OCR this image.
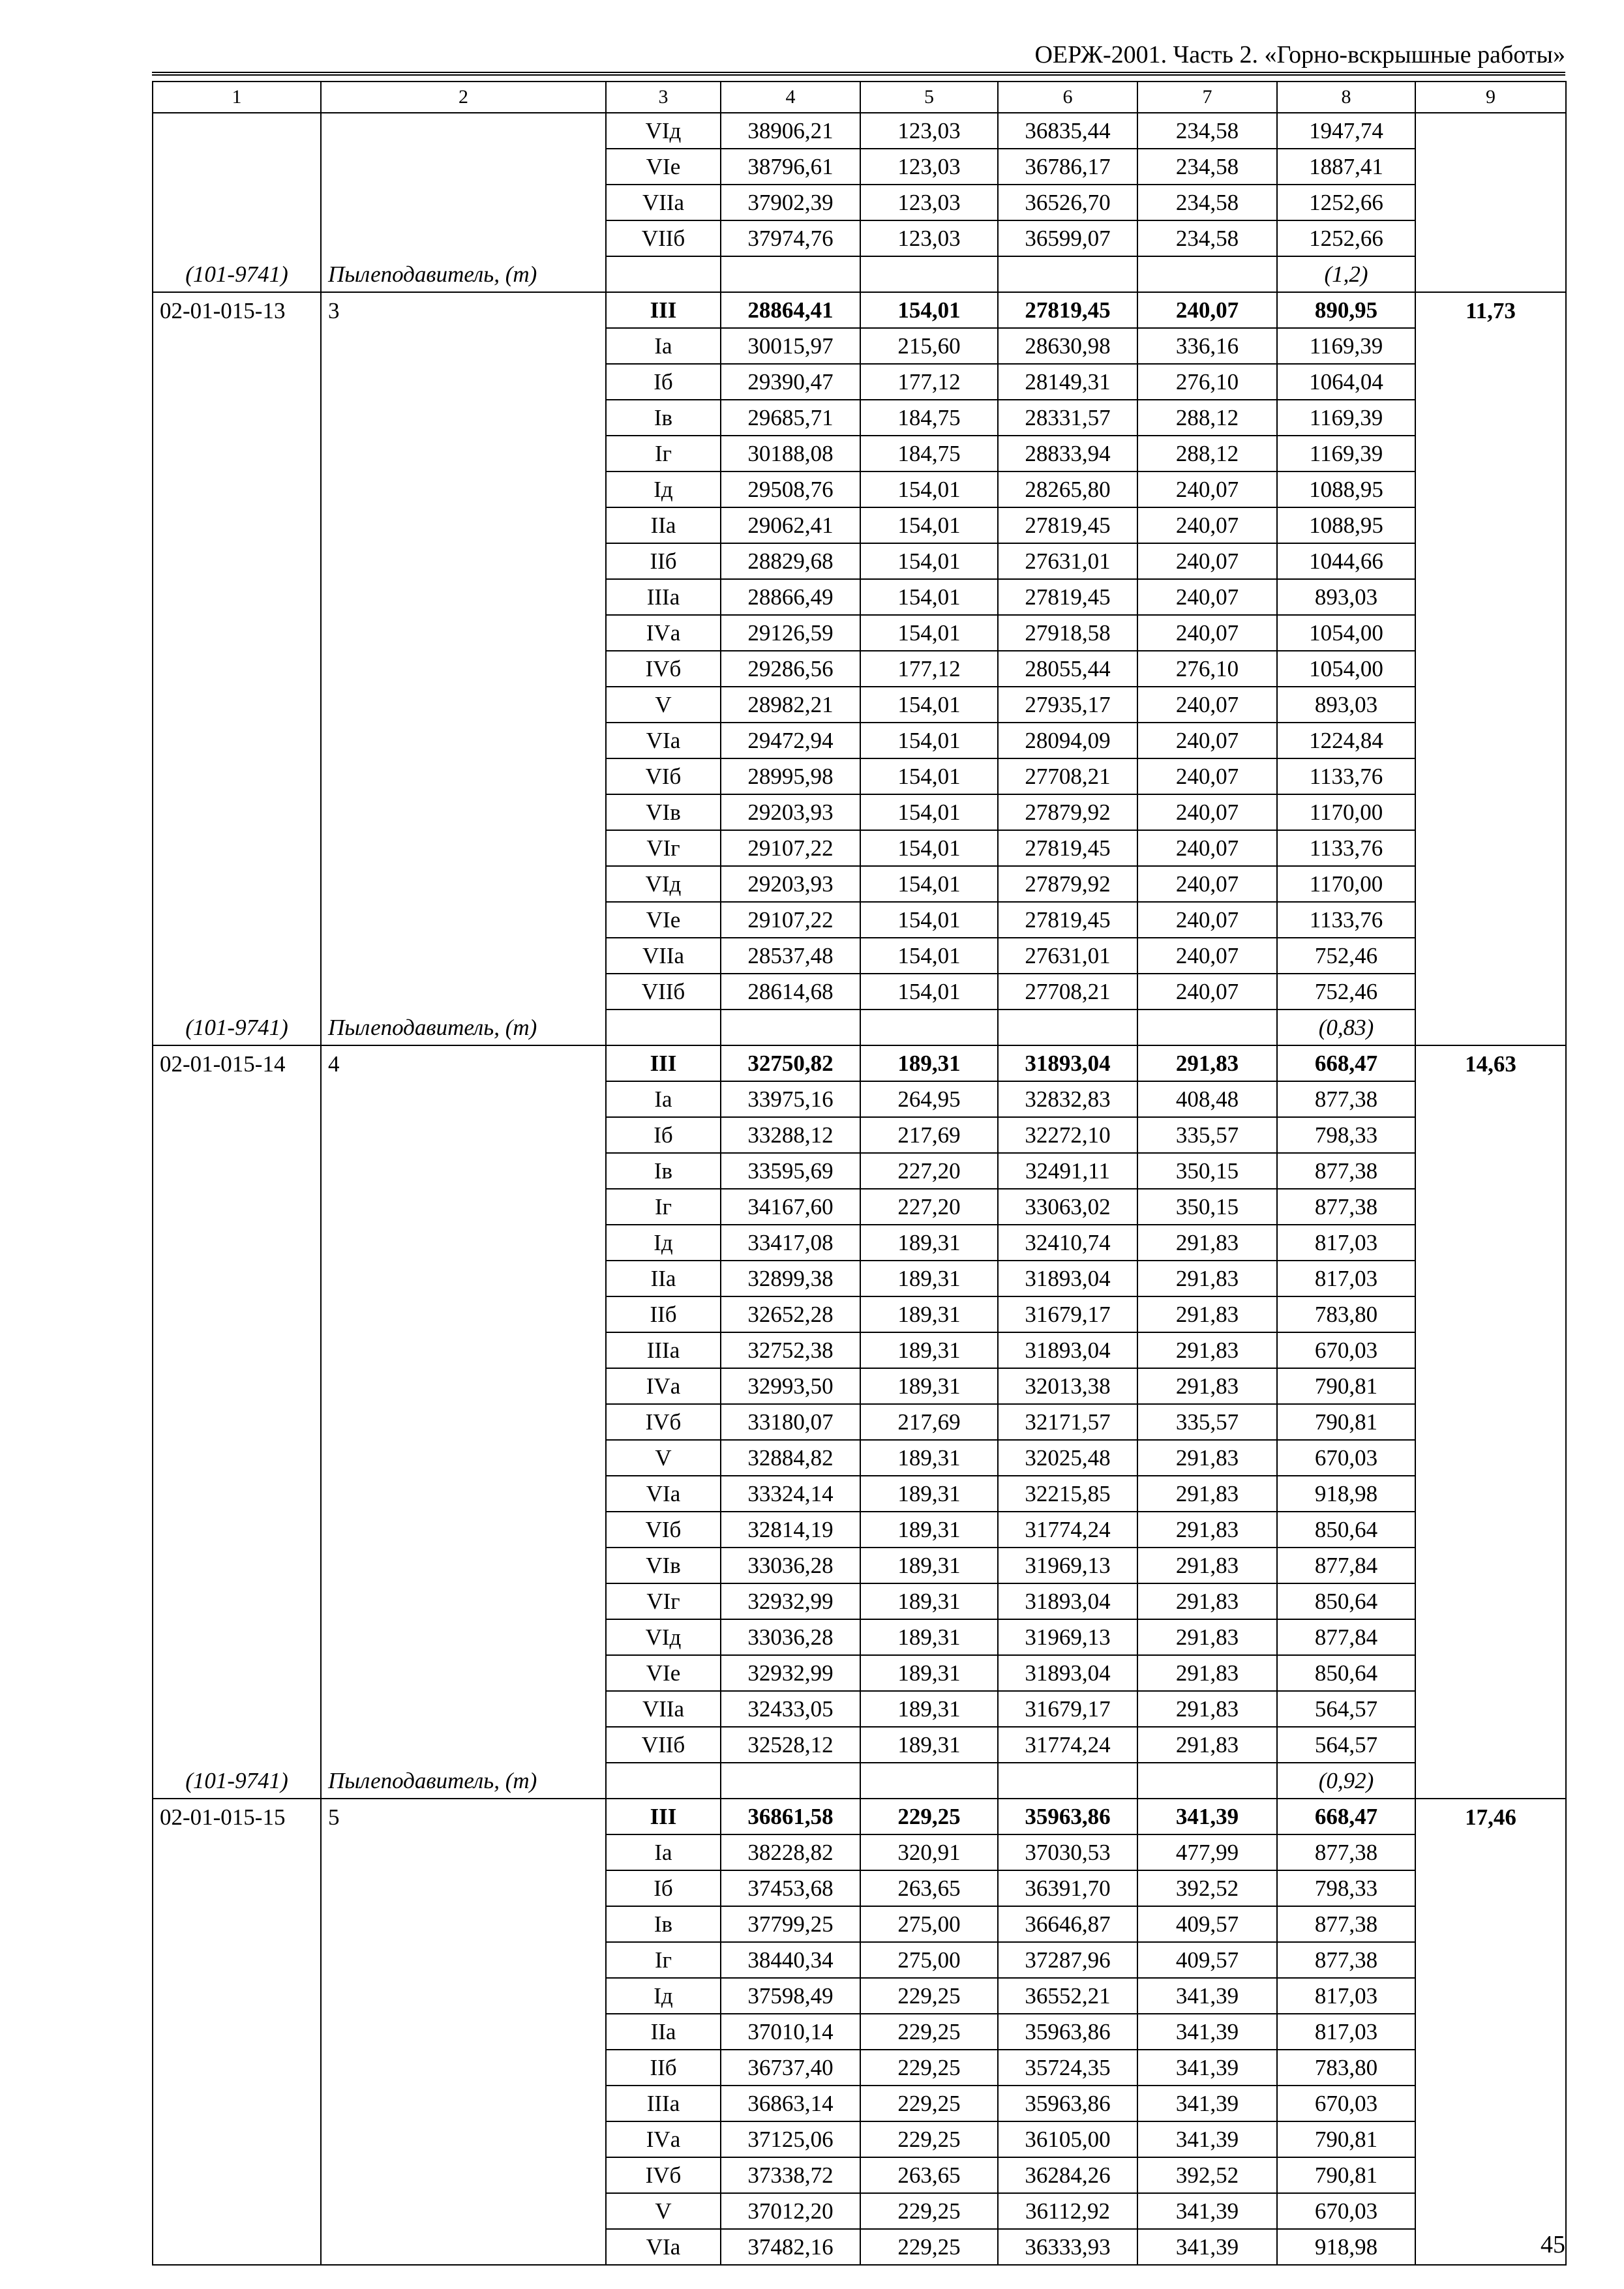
ОЕРЖ-2001. Часть 2. «Горно-вскрышные работы»
1	2	3	4	5	6	7	8	9
		VIд	38906,21	123,03	36835,44	234,58	1947,74	
		VIе	38796,61	123,03	36786,17	234,58	1887,41	
		VIIа	37902,39	123,03	36526,70	234,58	1252,66	
		VIIб	37974,76	123,03	36599,07	234,58	1252,66	
(101-9741)	Пылеподавитель, (т)						(1,2)	
02-01-015-13	3	III	28864,41	154,01	27819,45	240,07	890,95	11,73
		Iа	30015,97	215,60	28630,98	336,16	1169,39	
		Iб	29390,47	177,12	28149,31	276,10	1064,04	
		Iв	29685,71	184,75	28331,57	288,12	1169,39	
		Iг	30188,08	184,75	28833,94	288,12	1169,39	
		Iд	29508,76	154,01	28265,80	240,07	1088,95	
		IIа	29062,41	154,01	27819,45	240,07	1088,95	
		IIб	28829,68	154,01	27631,01	240,07	1044,66	
		IIIа	28866,49	154,01	27819,45	240,07	893,03	
		IVа	29126,59	154,01	27918,58	240,07	1054,00	
		IVб	29286,56	177,12	28055,44	276,10	1054,00	
		V	28982,21	154,01	27935,17	240,07	893,03	
		VIа	29472,94	154,01	28094,09	240,07	1224,84	
		VIб	28995,98	154,01	27708,21	240,07	1133,76	
		VIв	29203,93	154,01	27879,92	240,07	1170,00	
		VIг	29107,22	154,01	27819,45	240,07	1133,76	
		VIд	29203,93	154,01	27879,92	240,07	1170,00	
		VIе	29107,22	154,01	27819,45	240,07	1133,76	
		VIIа	28537,48	154,01	27631,01	240,07	752,46	
		VIIб	28614,68	154,01	27708,21	240,07	752,46	
(101-9741)	Пылеподавитель, (т)						(0,83)	
02-01-015-14	4	III	32750,82	189,31	31893,04	291,83	668,47	14,63
		Iа	33975,16	264,95	32832,83	408,48	877,38	
		Iб	33288,12	217,69	32272,10	335,57	798,33	
		Iв	33595,69	227,20	32491,11	350,15	877,38	
		Iг	34167,60	227,20	33063,02	350,15	877,38	
		Iд	33417,08	189,31	32410,74	291,83	817,03	
		IIа	32899,38	189,31	31893,04	291,83	817,03	
		IIб	32652,28	189,31	31679,17	291,83	783,80	
		IIIа	32752,38	189,31	31893,04	291,83	670,03	
		IVа	32993,50	189,31	32013,38	291,83	790,81	
		IVб	33180,07	217,69	32171,57	335,57	790,81	
		V	32884,82	189,31	32025,48	291,83	670,03	
		VIа	33324,14	189,31	32215,85	291,83	918,98	
		VIб	32814,19	189,31	31774,24	291,83	850,64	
		VIв	33036,28	189,31	31969,13	291,83	877,84	
		VIг	32932,99	189,31	31893,04	291,83	850,64	
		VIд	33036,28	189,31	31969,13	291,83	877,84	
		VIе	32932,99	189,31	31893,04	291,83	850,64	
		VIIа	32433,05	189,31	31679,17	291,83	564,57	
		VIIб	32528,12	189,31	31774,24	291,83	564,57	
(101-9741)	Пылеподавитель, (т)						(0,92)	
02-01-015-15	5	III	36861,58	229,25	35963,86	341,39	668,47	17,46
		Iа	38228,82	320,91	37030,53	477,99	877,38	
		Iб	37453,68	263,65	36391,70	392,52	798,33	
		Iв	37799,25	275,00	36646,87	409,57	877,38	
		Iг	38440,34	275,00	37287,96	409,57	877,38	
		Iд	37598,49	229,25	36552,21	341,39	817,03	
		IIа	37010,14	229,25	35963,86	341,39	817,03	
		IIб	36737,40	229,25	35724,35	341,39	783,80	
		IIIа	36863,14	229,25	35963,86	341,39	670,03	
		IVа	37125,06	229,25	36105,00	341,39	790,81	
		IVб	37338,72	263,65	36284,26	392,52	790,81	
		V	37012,20	229,25	36112,92	341,39	670,03	
		VIа	37482,16	229,25	36333,93	341,39	918,98		45
